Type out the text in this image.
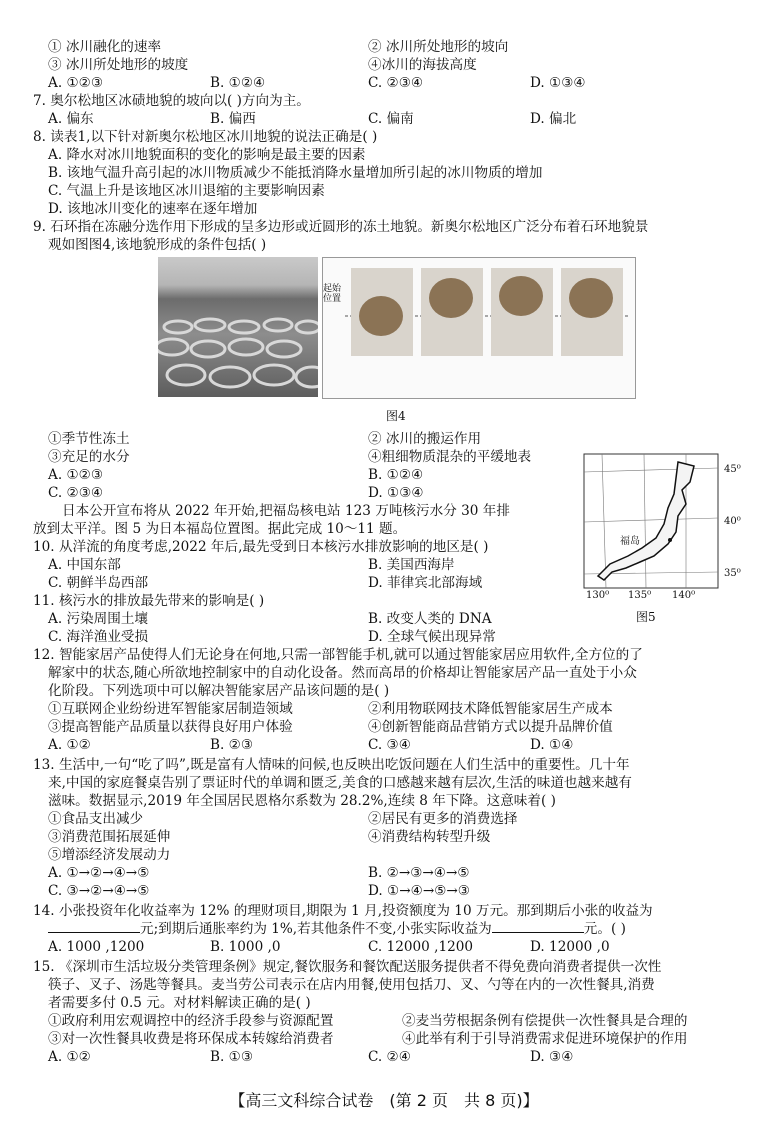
① 冰川融化的速率	② 冰川所处地形的坡向
③ 冰川所处地形的坡度	④冰川的海拔高度
A. ①②③	B. ①②④	C. ②③④	D. ①③④
7. 奥尔松地区冰碛地貌的坡向以( )方向为主。
A. 偏东	B. 偏西	C. 偏南	D. 偏北
8. 读表1,以下针对新奥尔松地区冰川地貌的说法正确是( )
A. 降水对冰川地貌面积的变化的影响是最主要的因素
B. 该地气温升高引起的冰川物质减少不能抵消降水量增加所引起的冰川物质的增加
C. 气温上升是该地区冰川退缩的主要影响因素
D. 该地冰川变化的速率在逐年增加
9. 石环指在冻融分选作用下形成的呈多边形或近圆形的冻土地貌。新奥尔松地区广泛分布着石环地貌景
观如图图4,该地貌形成的条件包括( )
起始位置
图4
①季节性冻土	② 冰川的搬运作用
③充足的水分	④粗细物质混杂的平缓地表
A. ①②③	B. ①②④
C. ②③④	D. ①③④
福岛
45⁰
40⁰
35⁰
130⁰ 135⁰ 140⁰
图5
日本公开宣布将从 2022 年开始,把福岛核电站 123 万吨核污水分 30 年排
放到太平洋。图 5 为日本福岛位置图。据此完成 10～11 题。
10. 从洋流的角度考虑,2022 年后,最先受到日本核污水排放影响的地区是( )
A. 中国东部	B. 美国西海岸
C. 朝鲜半岛西部	D. 菲律宾北部海域
11. 核污水的排放最先带来的影响是( )
A. 污染周围土壤	B. 改变人类的 DNA
C. 海洋渔业受损	D. 全球气候出现异常
12. 智能家居产品使得人们无论身在何地,只需一部智能手机,就可以通过智能家居应用软件,全方位的了
解家中的状态,随心所欲地控制家中的自动化设备。然而高昂的价格却让智能家居产品一直处于小众
化阶段。下列选项中可以解决智能家居产品该问题的是( )
①互联网企业纷纷进军智能家居制造领域	②利用物联网技术降低智能家居生产成本
③提高智能产品质量以获得良好用户体验	④创新智能商品营销方式以提升品牌价值
A. ①②	B. ②③	C. ③④	D. ①④
13. 生活中,一句“吃了吗”,既是富有人情味的问候,也反映出吃饭问题在人们生活中的重要性。几十年
来,中国的家庭餐桌告别了票证时代的单调和匮乏,美食的口感越来越有层次,生活的味道也越来越有
滋味。数据显示,2019 年全国居民恩格尔系数为 28.2%,连续 8 年下降。这意味着( )
①食品支出减少	②居民有更多的消费选择
③消费范围拓展延伸	④消费结构转型升级
⑤增添经济发展动力
A. ①→②→④→⑤	B. ②→③→④→⑤
C. ③→②→④→⑤	D. ①→④→⑤→③
14. 小张投资年化收益率为 12% 的理财项目,期限为 1 月,投资额度为 10 万元。那到期后小张的收益为
元;到期后通胀率约为 1%,若其他条件不变,小张实际收益为	元。( )
A. 1000 ,1200	B. 1000 ,0	C. 12000 ,1200	D. 12000 ,0
15. 《深圳市生活垃圾分类管理条例》规定,餐饮服务和餐饮配送服务提供者不得免费向消费者提供一次性
筷子、叉子、汤匙等餐具。麦当劳公司表示在店内用餐,使用包括刀、叉、勺等在内的一次性餐具,消费
者需要多付 0.5 元。对材料解读正确的是( )
①政府利用宏观调控中的经济手段参与资源配置	②麦当劳根据条例有偿提供一次性餐具是合理的
③对一次性餐具收费是将环保成本转嫁给消费者	④此举有利于引导消费需求促进环境保护的作用
A. ①②	B. ①③	C. ②④	D. ③④
【高三文科综合试卷　(第 2 页　共 8 页)】
